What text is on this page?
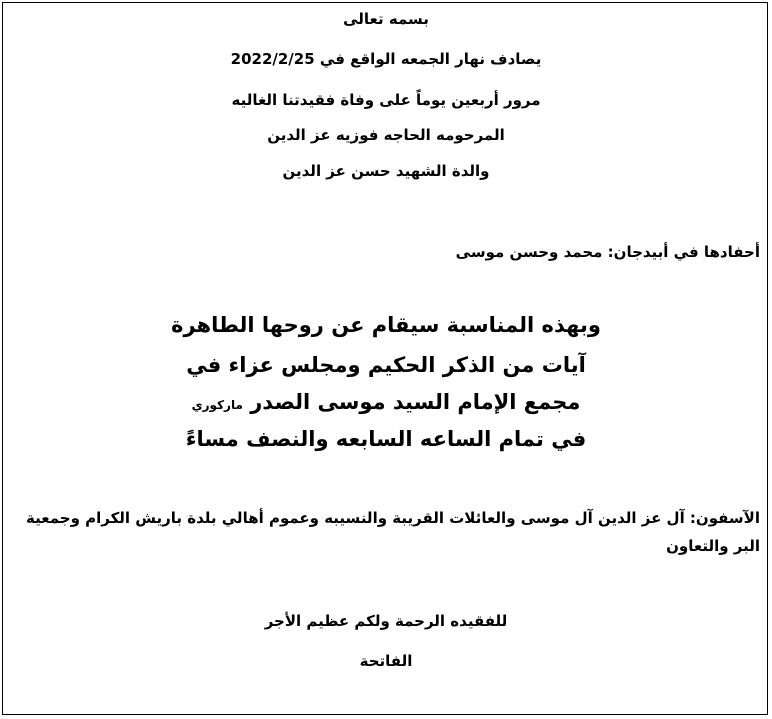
بسمه تعالى

يصادف نهار الجمعه الواقع في 2022/2/25

مرور أربعين يوماً على وفاة فقيدتنا الغاليه

المرحومه الحاجه فوزيه عز الدين

والدة الشهيد حسن عز الدين

أحفادها في أبيدجان: محمد وحسن موسى

وبهذه المناسبة سيقام عن روحها الطاهرة

آيات من الذكر الحكيم ومجلس عزاء في

مجمع الإمام السيد موسى الصدر ماركوري

في تمام الساعه السابعه والنصف مساءً

الآسفون: آل عز الدين آل موسى والعائلات القريبة والنسيبه وعموم أهالي بلدة باريش الكرام وجمعية البر والتعاون

للفقيده الرحمة ولكم عظيم الأجر

الفاتحة
